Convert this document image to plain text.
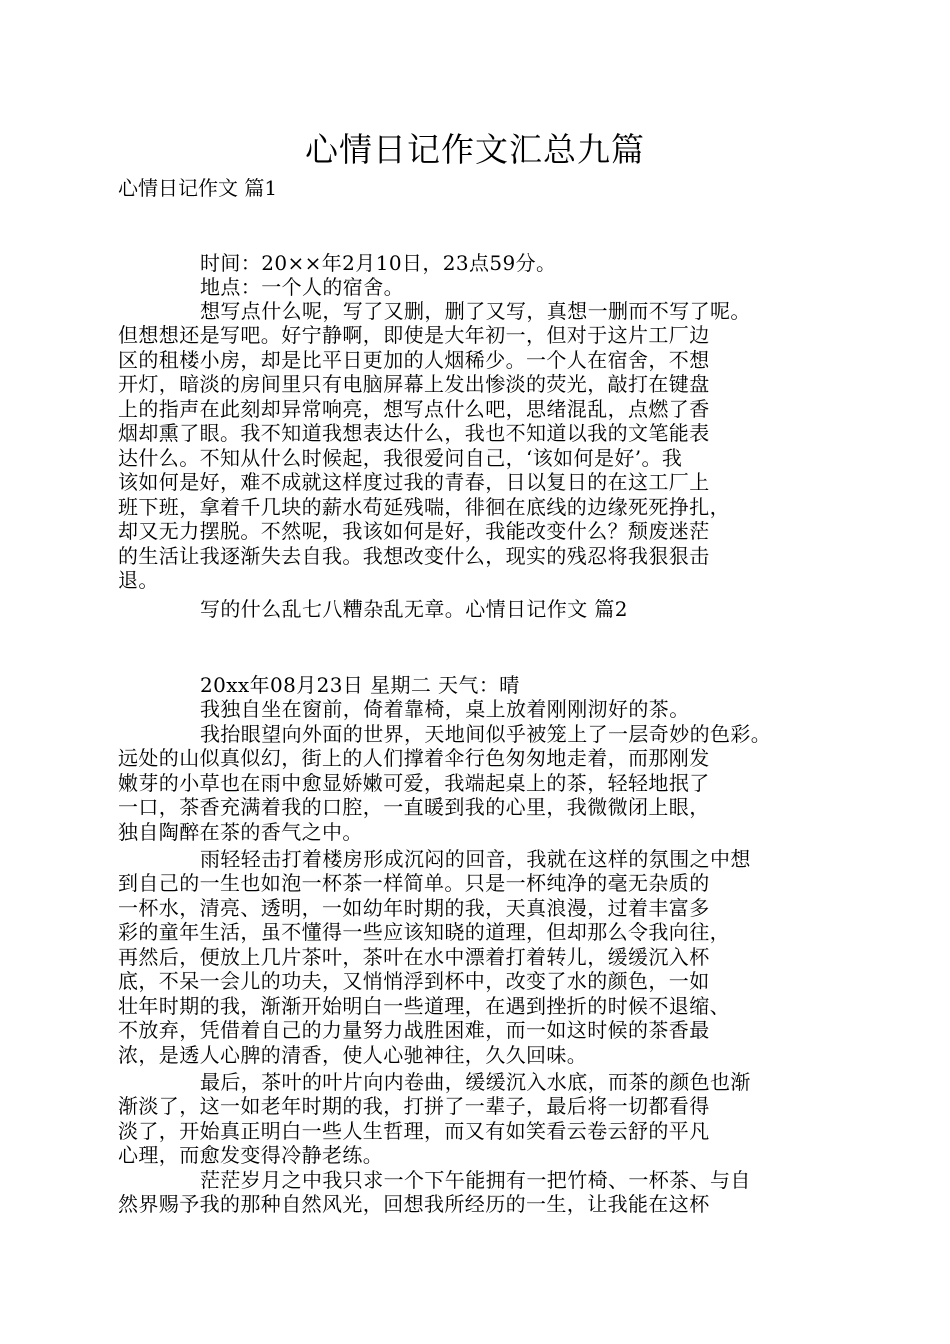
心情日记作文汇总九篇
心情日记作文 篇1
时间：20××年2月10日，23点59分。
地点：一个人的宿舍。
想写点什么呢，写了又删，删了又写，真想一删而不写了呢。
但想想还是写吧。好宁静啊，即使是大年初一，但对于这片工厂边
区的租楼小房，却是比平日更加的人烟稀少。一个人在宿舍，不想
开灯，暗淡的房间里只有电脑屏幕上发出惨淡的荧光，敲打在键盘
上的指声在此刻却异常响亮，想写点什么吧，思绪混乱，点燃了香
烟却熏了眼。我不知道我想表达什么，我也不知道以我的文笔能表
达什么。不知从什么时候起，我很爱问自己，‘该如何是好’。我
该如何是好，难不成就这样度过我的青春，日以复日的在这工厂上
班下班，拿着千几块的薪水苟延残喘，徘徊在底线的边缘死死挣扎，
却又无力摆脱。不然呢，我该如何是好，我能改变什么？颓废迷茫
的生活让我逐渐失去自我。我想改变什么，现实的残忍将我狠狠击
退。
写的什么乱七八糟杂乱无章。心情日记作文 篇2
20xx年08月23日 星期二 天气：晴
我独自坐在窗前，倚着靠椅，桌上放着刚刚沏好的茶。
我抬眼望向外面的世界，天地间似乎被笼上了一层奇妙的色彩。
远处的山似真似幻，街上的人们撑着伞行色匆匆地走着，而那刚发
嫩芽的小草也在雨中愈显娇嫩可爱，我端起桌上的茶，轻轻地抿了
一口，茶香充满着我的口腔，一直暖到我的心里，我微微闭上眼，
独自陶醉在茶的香气之中。
雨轻轻击打着楼房形成沉闷的回音，我就在这样的氛围之中想
到自己的一生也如泡一杯茶一样简单。只是一杯纯净的毫无杂质的
一杯水，清亮、透明，一如幼年时期的我，天真浪漫，过着丰富多
彩的童年生活，虽不懂得一些应该知晓的道理，但却那么令我向往，
再然后，便放上几片茶叶，茶叶在水中漂着打着转儿，缓缓沉入杯
底，不呆一会儿的功夫，又悄悄浮到杯中，改变了水的颜色，一如
壮年时期的我，渐渐开始明白一些道理，在遇到挫折的时候不退缩、
不放弃，凭借着自己的力量努力战胜困难，而一如这时候的茶香最
浓，是透人心脾的清香，使人心驰神往，久久回味。
最后，茶叶的叶片向内卷曲，缓缓沉入水底，而茶的颜色也渐
渐淡了，这一如老年时期的我，打拼了一辈子，最后将一切都看得
淡了，开始真正明白一些人生哲理，而又有如笑看云卷云舒的平凡
心理，而愈发变得冷静老练。
茫茫岁月之中我只求一个下午能拥有一把竹椅、一杯茶、与自
然界赐予我的那种自然风光，回想我所经历的一生，让我能在这杯
